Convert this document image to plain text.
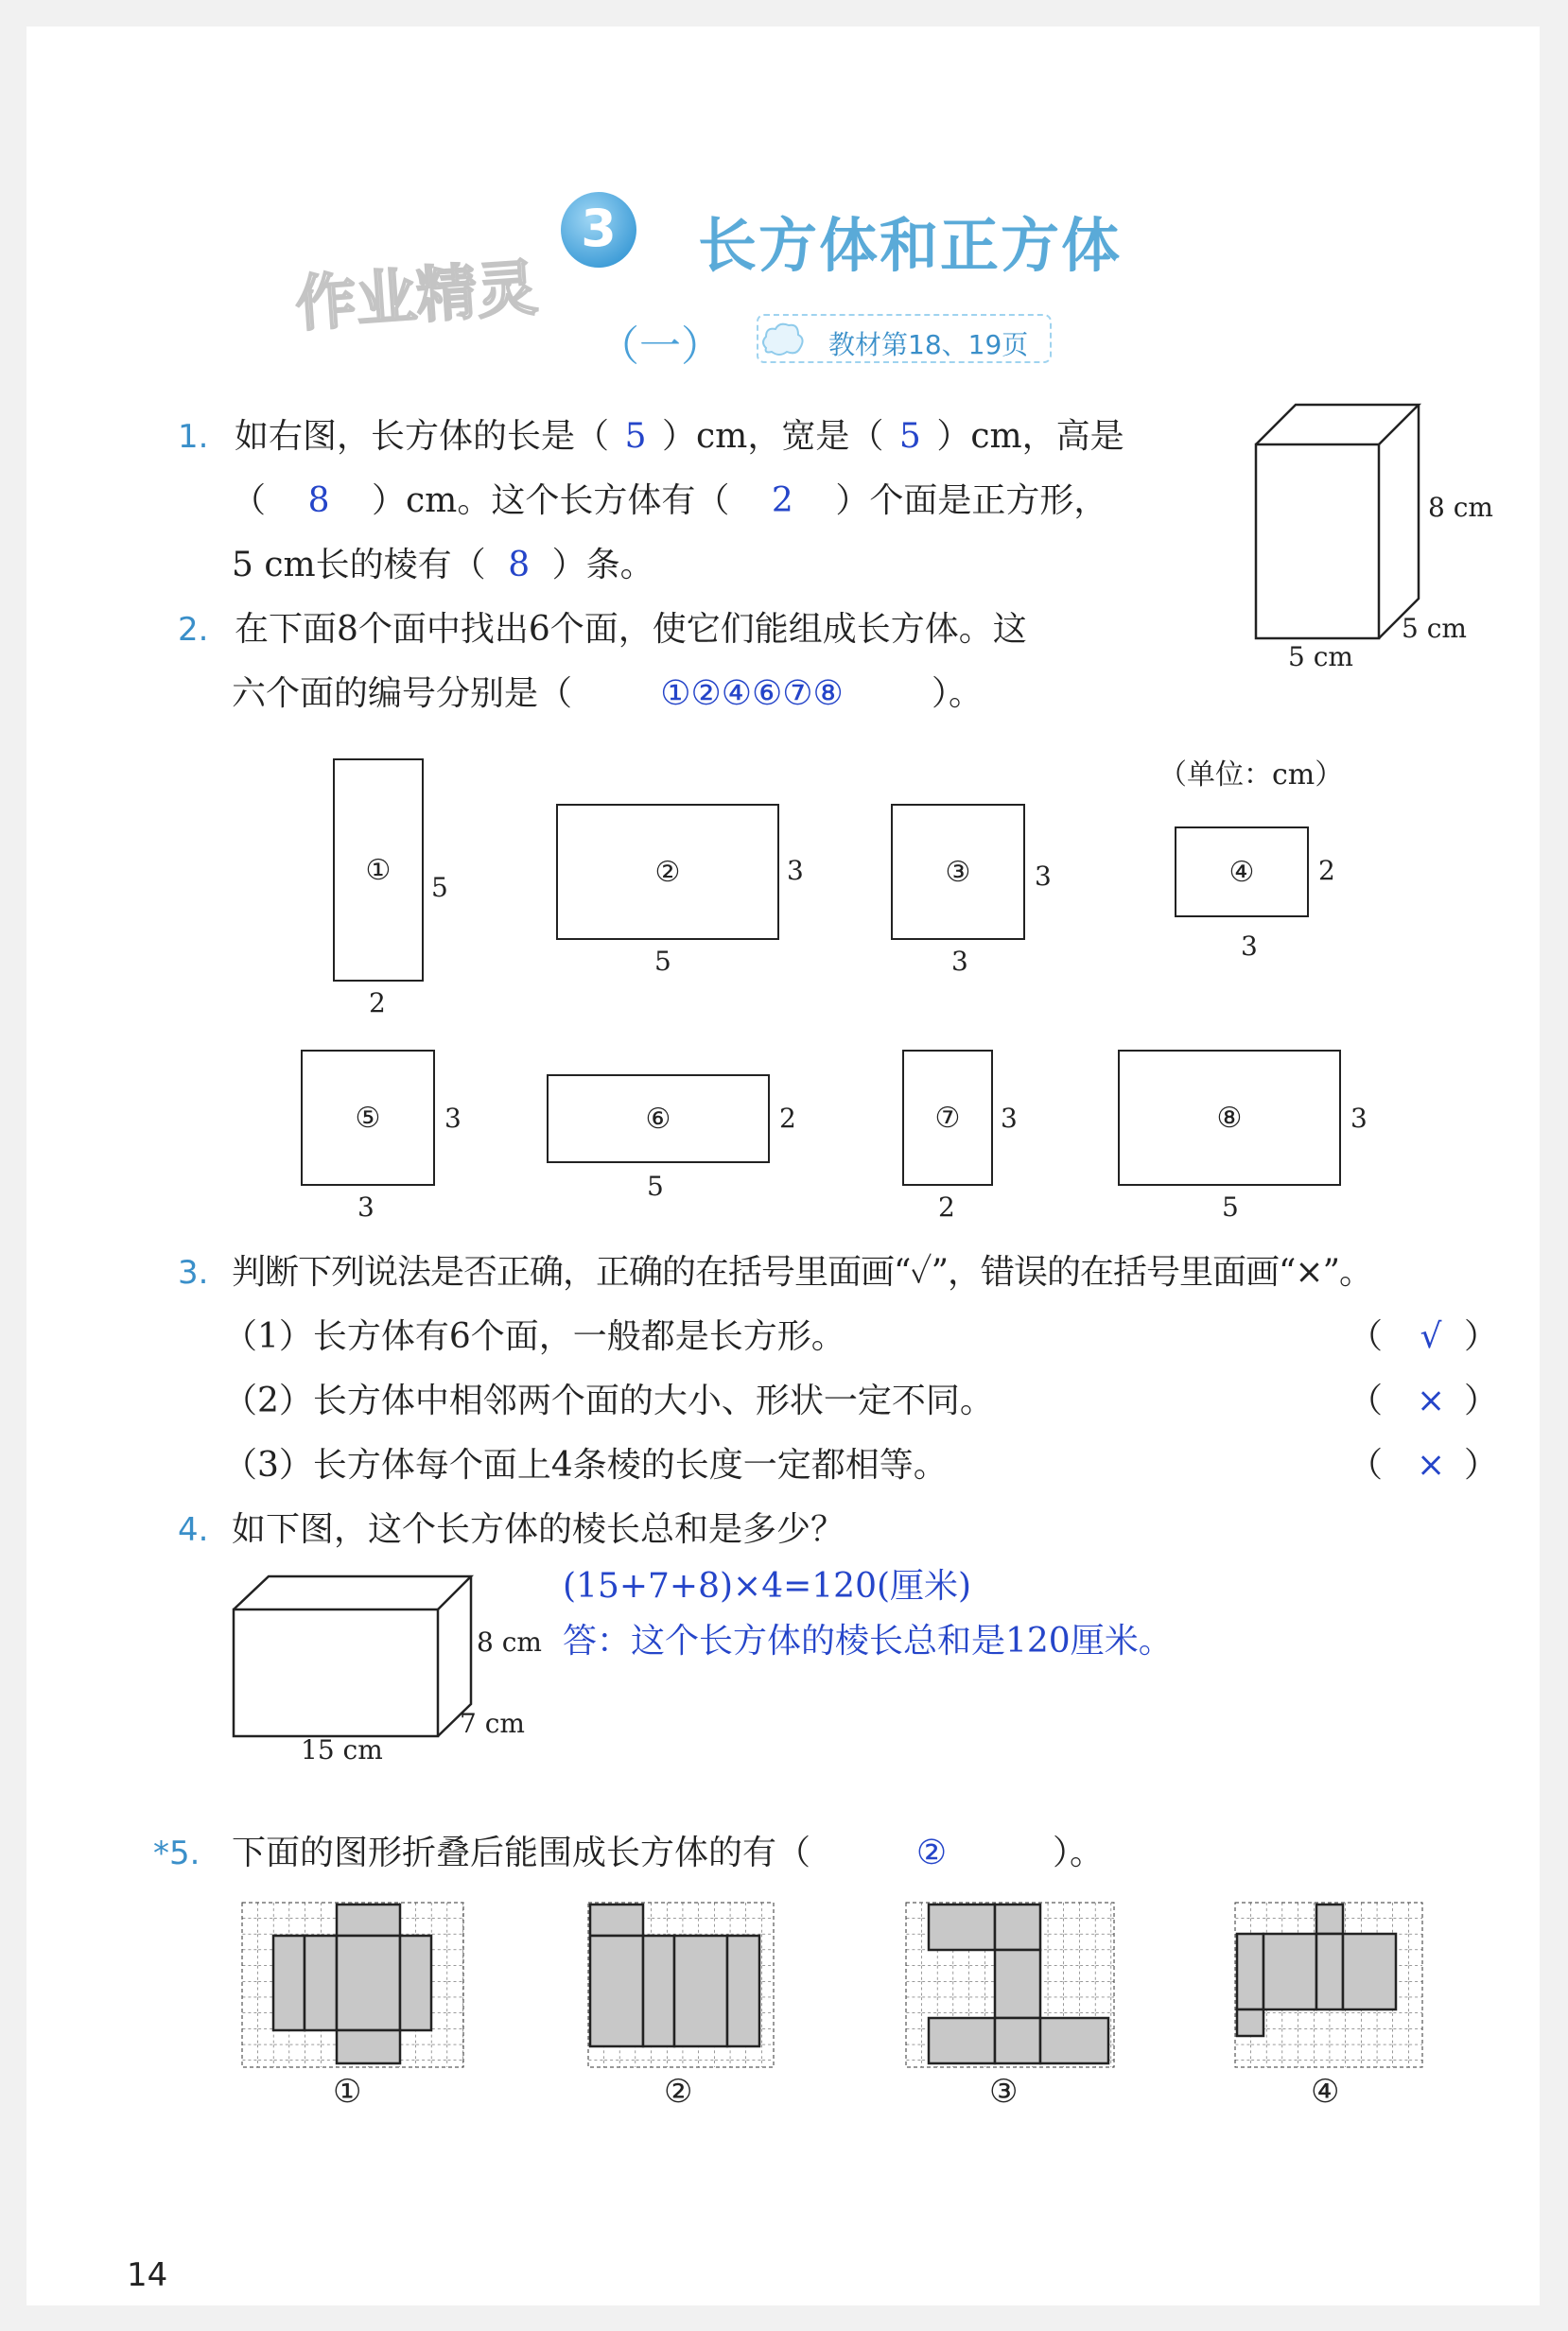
3	长方体和正方体
作业精灵
（一）	教材第18、19页
1. 如右图，长方体的长是（ 5 ）cm，宽是（ 5 ）cm，高是
（ 8 ）cm。这个长方体有（ 2 ）个面是正方形，
5 cm长的棱有（ 8 ）条。
8 cm
5 cm
5 cm
2. 在下面8个面中找出6个面，使它们能组成长方体。这
六个面的编号分别是（	①②④⑥⑦⑧	）。
（单位：cm）
①
5
2
②	3
5
③ 3
3
④ 2
3
⑤ 3
3
⑥	2
5
⑦ 3
2
⑧	3
5
3. 判断下列说法是否正确，正确的在括号里面画“✓”，错误的在括号里面画“×”。
（1）长方体有6个面，一般都是长方形。	（ √ ）
（2）长方体中相邻两个面的大小、形状一定不同。	（ × ）
（3）长方体每个面上4条棱的长度一定都相等。	（ × ）
4. 如下图，这个长方体的棱长总和是多少？
8 cm
7 cm
15 cm
(15+7+8)×4=120(厘米)
答：这个长方体的棱长总和是120厘米。
*5. 下面的图形折叠后能围成长方体的有（	②	）。
①	②	③	④
14
